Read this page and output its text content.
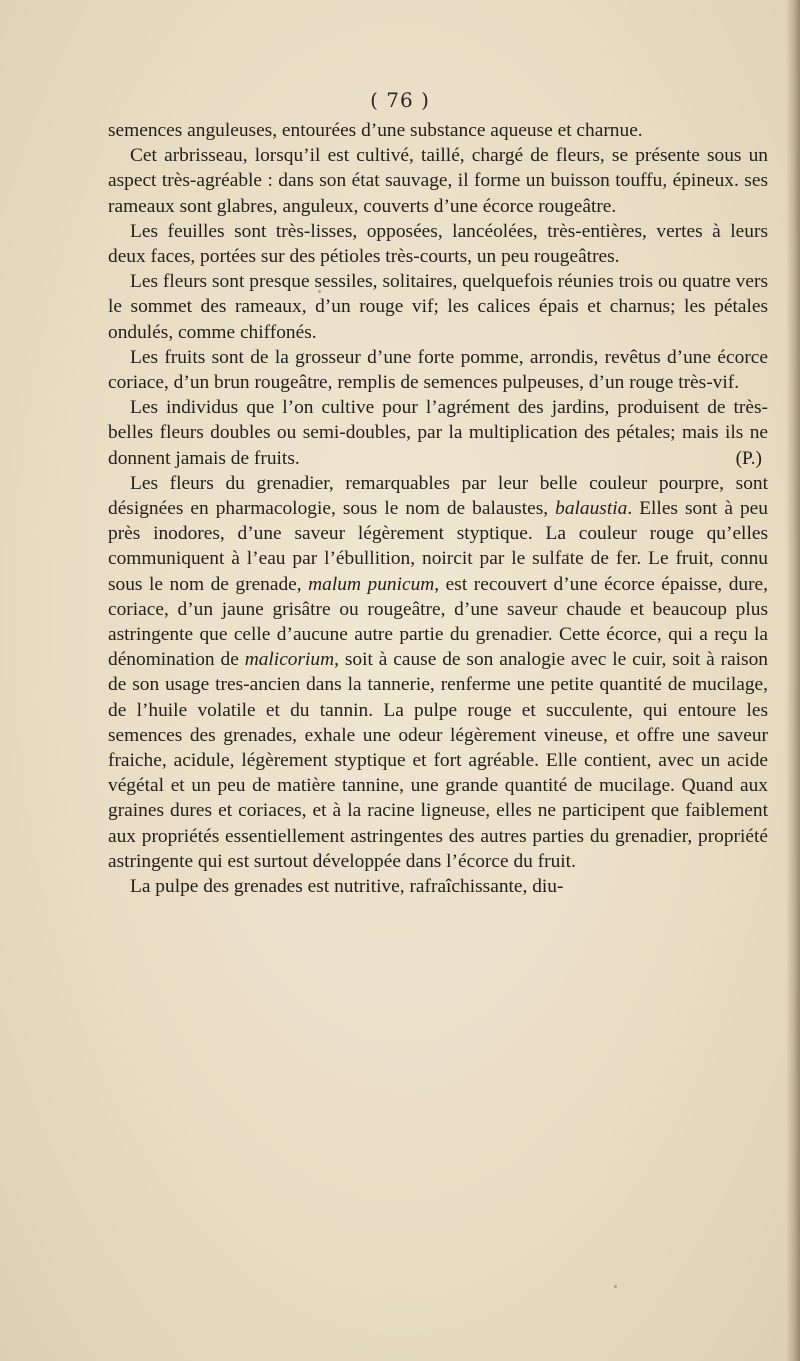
( 76 )

semences anguleuses, entourées d’une substance aqueuse et charnue.

Cet arbrisseau, lorsqu’il est cultivé, taillé, chargé de fleurs, se présente sous un aspect très-agréable : dans son état sauvage, il forme un buisson touffu, épineux. ses rameaux sont glabres, anguleux, couverts d’une écorce rougeâtre.

Les feuilles sont très-lisses, opposées, lancéolées, très-entières, vertes à leurs deux faces, portées sur des pétioles très-courts, un peu rougeâtres.

Les fleurs sont presque sessiles, solitaires, quelquefois réunies trois ou quatre vers le sommet des rameaux, d’un rouge vif; les calices épais et charnus; les pétales ondulés, comme chiffonés.

Les fruits sont de la grosseur d’une forte pomme, arrondis, revêtus d’une écorce coriace, d’un brun rougeâtre, remplis de semences pulpeuses, d’un rouge très-vif.

Les individus que l’on cultive pour l’agrément des jardins, produisent de très-belles fleurs doubles ou semi-doubles, par la multiplication des pétales; mais ils ne donnent jamais de fruits.	(P.)

Les fleurs du grenadier, remarquables par leur belle couleur pourpre, sont désignées en pharmacologie, sous le nom de balaustes, balaustia. Elles sont à peu près inodores, d’une saveur légèrement styptique. La couleur rouge qu’elles communiquent à l’eau par l’ébullition, noircit par le sulfate de fer. Le fruit, connu sous le nom de grenade, malum punicum, est recouvert d’une écorce épaisse, dure, coriace, d’un jaune grisâtre ou rougeâtre, d’une saveur chaude et beaucoup plus astringente que celle d’aucune autre partie du grenadier. Cette écorce, qui a reçu la dénomination de malicorium, soit à cause de son analogie avec le cuir, soit à raison de son usage tres-ancien dans la tannerie, renferme une petite quantité de mucilage, de l’huile volatile et du tannin. La pulpe rouge et succulente, qui entoure les semences des grenades, exhale une odeur légèrement vineuse, et offre une saveur fraiche, acidule, légèrement styptique et fort agréable. Elle contient, avec un acide végétal et un peu de matière tannine, une grande quantité de mucilage. Quand aux graines dures et coriaces, et à la racine ligneuse, elles ne participent que faiblement aux propriétés essentiellement astringentes des autres parties du grenadier, propriété astringente qui est surtout développée dans l’écorce du fruit.

La pulpe des grenades est nutritive, rafraîchissante, diu-
